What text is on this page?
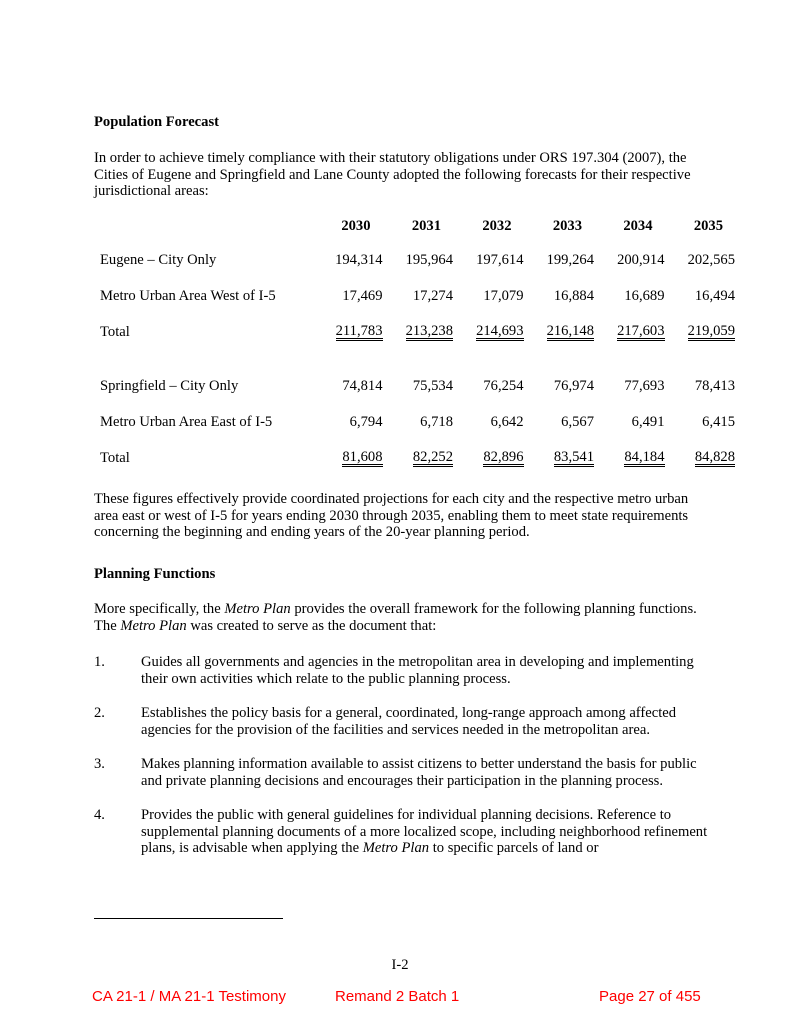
Population Forecast

In order to achieve timely compliance with their statutory obligations under ORS 197.304 (2007), the Cities of Eugene and Springfield and Lane County adopted the following forecasts for their respective jurisdictional areas:

	2030	2031	2032	2033	2034	2035
Eugene – City Only	194,314	195,964	197,614	199,264	200,914	202,565
Metro Urban Area West of I-5	17,469	17,274	17,079	16,884	16,689	16,494
Total	211,783	213,238	214,693	216,148	217,603	219,059

Springfield – City Only	74,814	75,534	76,254	76,974	77,693	78,413
Metro Urban Area East of I-5	6,794	6,718	6,642	6,567	6,491	6,415
Total	81,608	82,252	82,896	83,541	84,184	84,828

These figures effectively provide coordinated projections for each city and the respective metro urban area east or west of I-5 for years ending 2030 through 2035, enabling them to meet state requirements concerning the beginning and ending years of the 20-year planning period.

Planning Functions

More specifically, the Metro Plan provides the overall framework for the following planning functions. The Metro Plan was created to serve as the document that:

1. Guides all governments and agencies in the metropolitan area in developing and implementing their own activities which relate to the public planning process.
2. Establishes the policy basis for a general, coordinated, long-range approach among affected agencies for the provision of the facilities and services needed in the metropolitan area.
3. Makes planning information available to assist citizens to better understand the basis for public and private planning decisions and encourages their participation in the planning process.
4. Provides the public with general guidelines for individual planning decisions. Reference to supplemental planning documents of a more localized scope, including neighborhood refinement plans, is advisable when applying the Metro Plan to specific parcels of land or
I-2
CA 21-1 / MA 21-1 Testimony	Remand 2 Batch 1	Page 27 of 455
